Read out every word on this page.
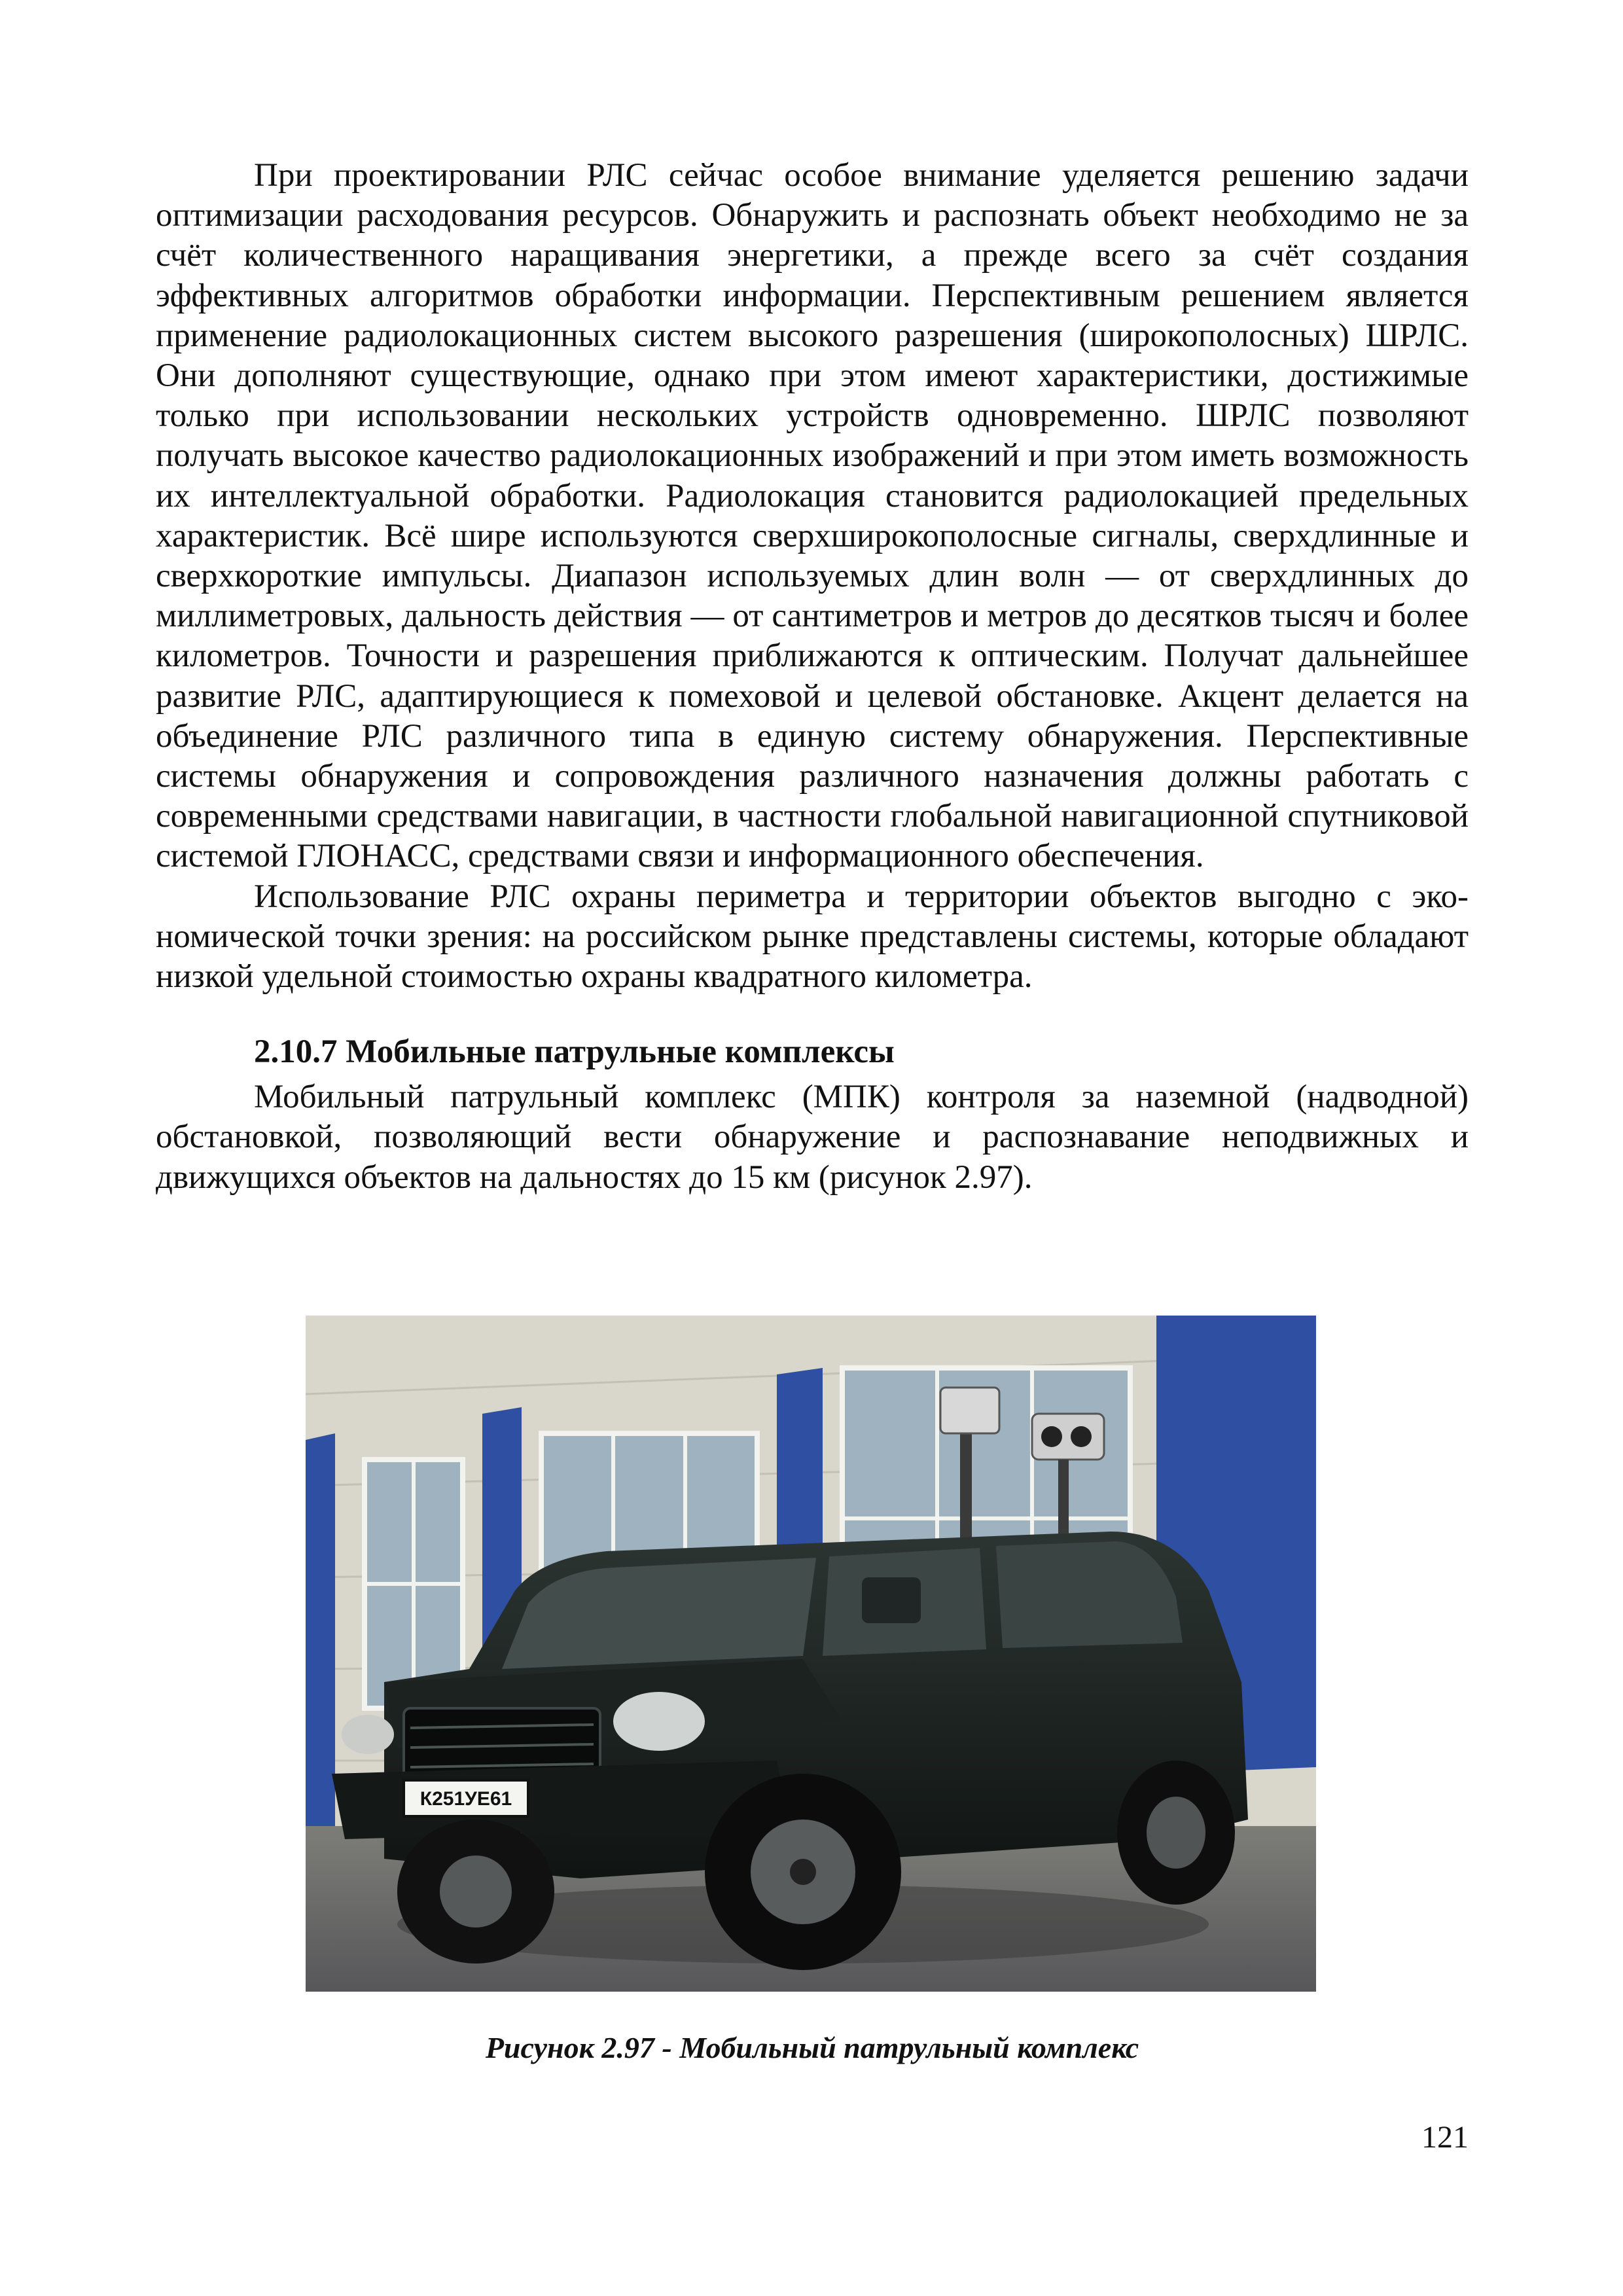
При проектировании РЛС сейчас особое внимание уделяется решению задачи оптимизации расходования ресурсов. Обнаружить и распознать объект необходимо не за счёт количественного наращивания энергетики, а прежде всего за счёт создания эффективных алгоритмов обработки информации. Перспективным решением является применение радиолокационных систем высокого разрешения (широкополосных) ШРЛС. Они дополняют существующие, однако при этом имеют характеристики, достижимые только при использовании нескольких устройств одновременно. ШРЛС позволяют получать высокое качество радиолокационных изображений и при этом иметь возможность их интеллектуальной обработки. Радиолокация становится радиолокацией предельных характеристик. Всё шире используются сверхширокополосные сигналы, сверхдлинные и сверхкороткие импульсы. Диапазон используемых длин волн — от сверхдлинных до миллиметровых, дальность действия — от сантиметров и метров до десятков тысяч и более километров. Точности и разрешения приближаются к оптическим. Получат дальнейшее развитие РЛС, адаптирующиеся к помеховой и целевой обстановке. Акцент делается на объединение РЛС различного типа в единую систему обнаружения. Перспективные системы обнаружения и сопровождения различного назначения должны работать с современными средствами навигации, в частности глобальной навигационной спутниковой системой ГЛОНАСС, средствами связи и информационного обеспечения.

Использование РЛС охраны периметра и территории объектов выгодно с экономической точки зрения: на российском рынке представлены системы, которые обладают низкой удельной стоимостью охраны квадратного километра.

2.10.7 Мобильные патрульные комплексы

Мобильный патрульный комплекс (МПК) контроля за наземной (надводной) обстановкой, позволяющий вести обнаружение и распознавание неподвижных и движущихся объектов на дальностях до 15 км (рисунок 2.97).

К251УЕ61
Рисунок 2.97 - Мобильный патрульный комплекс
121
